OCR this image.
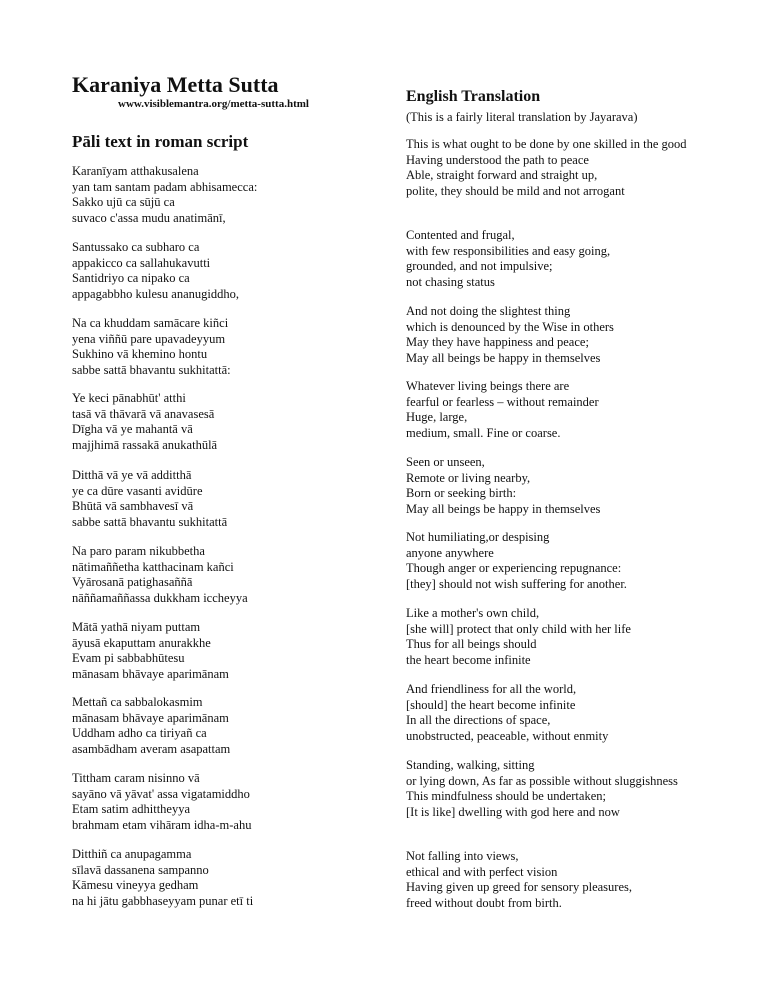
Karaniya Metta Sutta
www.visiblemantra.org/metta-sutta.html
Pāli text in roman script
English Translation
(This is a fairly literal translation by Jayarava)
Karanīyam atthakusalena
yan tam santam padam abhisamecca:
Sakko ujū ca sūjū ca
suvaco c'assa mudu anatimānī,
Santussako ca subharo ca
appakicco ca sallahukavutti
Santidriyo ca nipako ca
appagabbho kulesu ananugiddho,
Na ca khuddam samācare kiñci
yena viññū pare upavadeyyum
Sukhino vā khemino hontu
sabbe sattā bhavantu sukhitattā:
Ye keci pānabhūt' atthi
tasā vā thāvarā vā anavasesā
Dīgha vā ye mahantā vā
majjhimā rassakā anukathūlā
Ditthā vā ye vā additthā
ye ca dūre vasanti avidūre
Bhūtā vā sambhavesī vā
sabbe sattā bhavantu sukhitattā
Na paro param nikubbetha
nātimaññetha katthacinam kañci
Vyārosanā patighasaññā
nāññamaññassa dukkham iccheyya
Mātā yathā niyam puttam
āyusā ekaputtam anurakkhe
Evam pi sabbabhūtesu
mānasam bhāvaye aparimānam
Mettañ ca sabbalokasmim
mānasam bhāvaye aparimānam
Uddham adho ca tiriyañ ca
asambādham averam asapattam
Tittham caram nisinno vā
sayāno vā yāvat' assa vigatamiddho
Etam satim adhittheyya
brahmam etam vihāram idha-m-ahu
Ditthiñ ca anupagamma
sīlavā dassanena sampanno
Kāmesu vineyya gedham
na hi jātu gabbhaseyyam punar etī ti
This is what ought to be done by one skilled in the good
Having understood the path to peace
Able, straight forward and straight up,
polite, they should be mild and not arrogant
Contented and frugal,
with few responsibilities and easy going,
grounded, and not impulsive;
not chasing status
And not doing the slightest thing
which is denounced by the Wise in others
May they have happiness and peace;
May all beings be happy in themselves
Whatever living beings there are
fearful or fearless – without remainder
Huge, large,
medium, small. Fine or coarse.
Seen or unseen,
Remote or living nearby,
Born or seeking birth:
May all beings be happy in themselves
Not humiliating,or despising
anyone anywhere
Though anger or experiencing repugnance:
[they] should not wish suffering for another.
Like a mother's own child,
[she will] protect that only child with her life
Thus for all beings should
the heart become infinite
And friendliness for all the world,
[should] the heart become infinite
In all the directions of space,
unobstructed, peaceable, without enmity
Standing, walking, sitting
or lying down, As far as possible without sluggishness
This mindfulness should be undertaken;
[It is like] dwelling with god here and now
Not falling into views,
ethical and with perfect vision
Having given up greed for sensory pleasures,
freed without doubt from birth.
